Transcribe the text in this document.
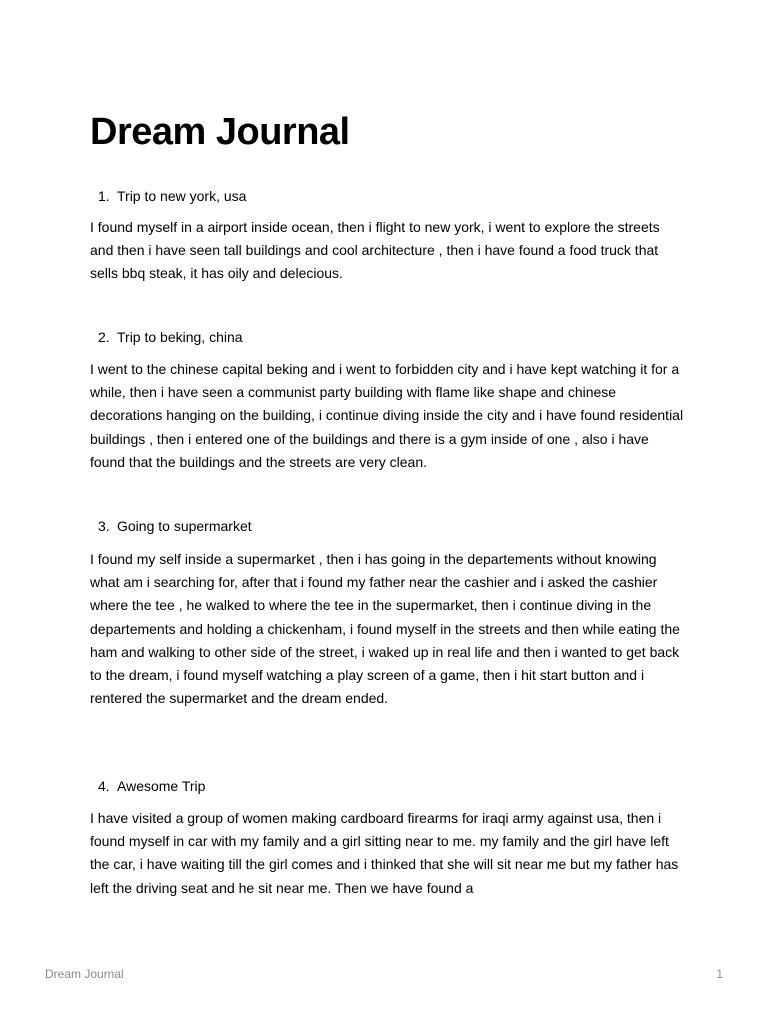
Dream Journal
1. Trip to new york, usa

I found myself in a airport inside ocean, then i flight to new york, i went to explore the streets and then i have seen tall buildings and cool architecture , then i have found a food truck that sells bbq steak, it has oily and delecious.

2. Trip to beking, china

I went to the chinese capital beking and i went to forbidden city and i have kept watching it for a while, then i have seen a communist party building with flame like shape and chinese decorations hanging on the building, i continue diving inside the city and i have found residential buildings , then i entered one of the buildings and there is a gym inside of one , also i have found that the buildings and the streets are very clean.

3. Going to supermarket

I found my self inside a supermarket , then i has going in the departements without knowing what am i searching for, after that i found my father near the cashier and i asked the cashier where the tee , he walked to where the tee in the supermarket, then i continue diving in the departements and holding a chickenham, i found myself in the streets and then while eating the ham and walking to other side of the street, i waked up in real life and then i wanted to get back to the dream, i found myself watching a play screen of a game, then i hit start button and i rentered the supermarket and the dream ended.

4. Awesome Trip

I have visited a group of women making cardboard firearms for iraqi army against usa, then i found myself in car with my family and a girl sitting near to me. my family and the girl have left the car, i have waiting till the girl comes and i thinked that she will sit near me but my father has left the driving seat and he sit near me. Then we have found a

Dream Journal	1
